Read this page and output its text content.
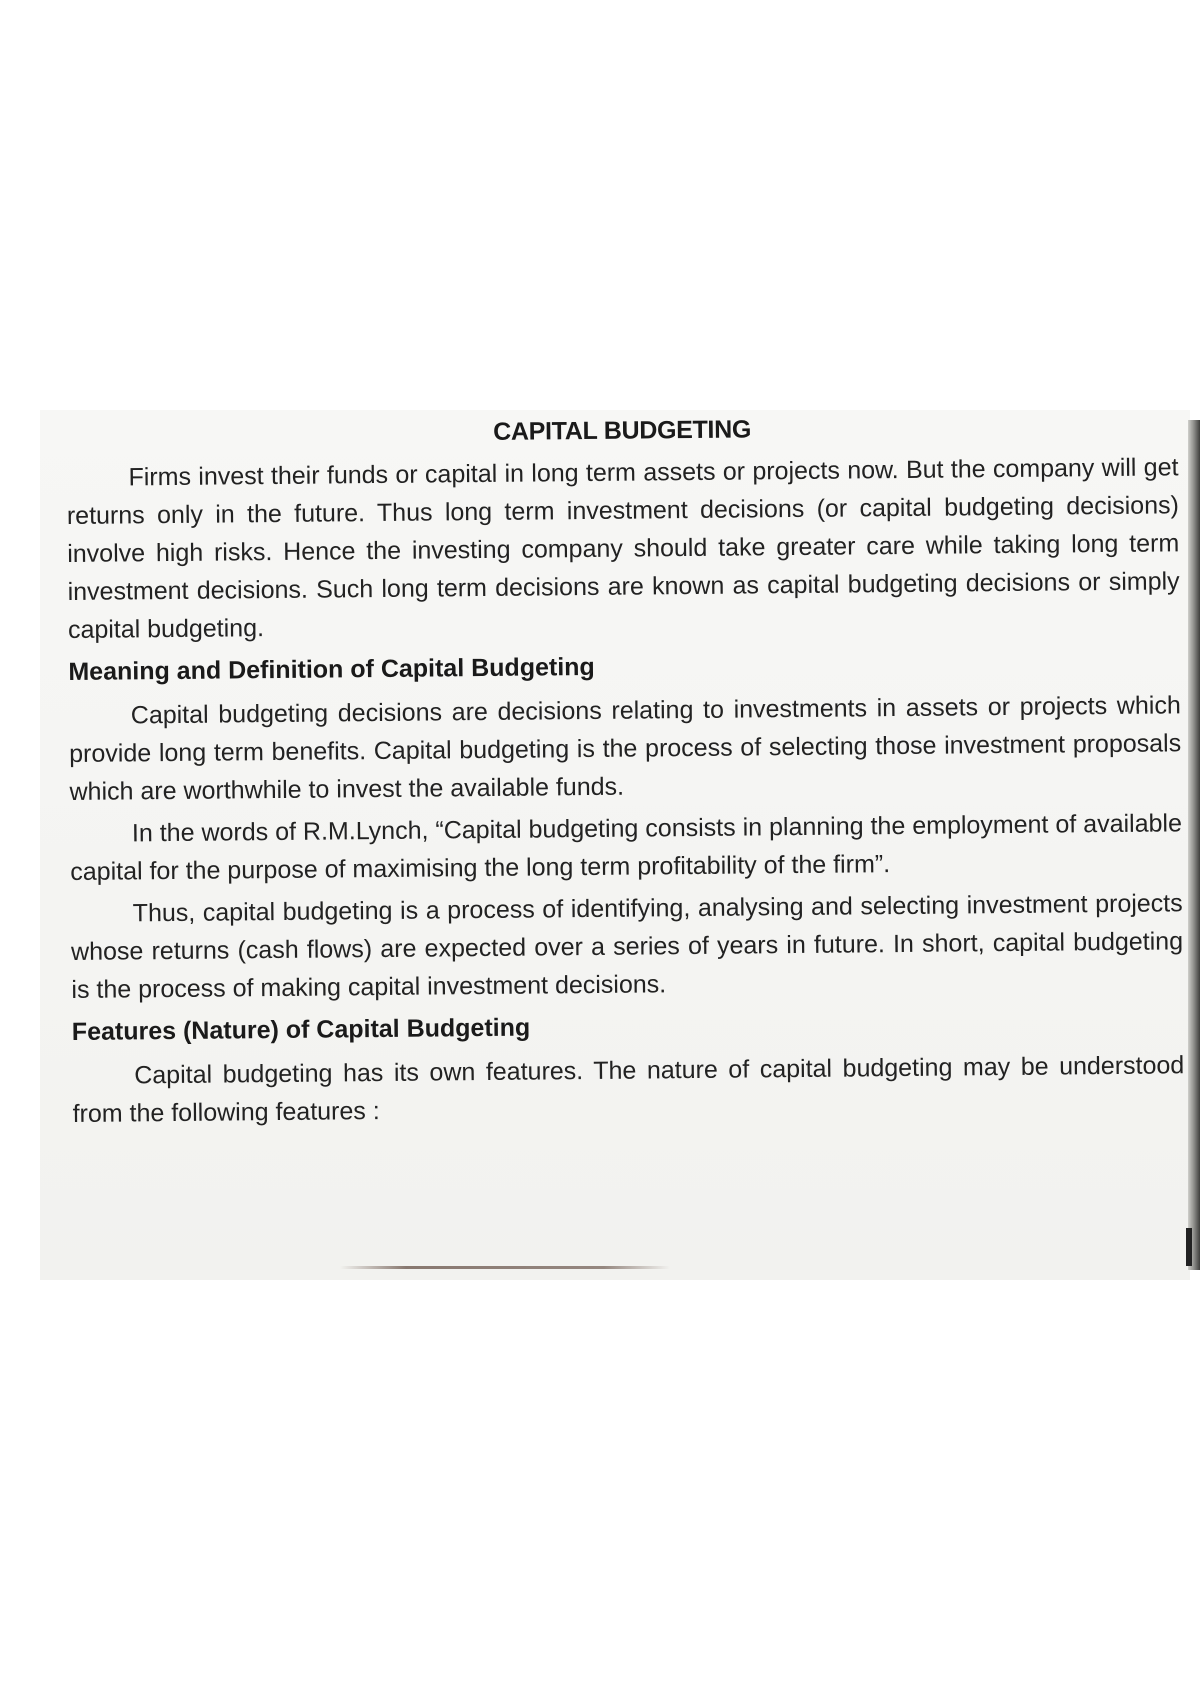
CAPITAL BUDGETING

Firms invest their funds or capital in long term assets or projects now. But the company will get returns only in the future. Thus long term investment decisions (or capital budgeting decisions) involve high risks. Hence the investing company should take greater care while taking long term investment decisions. Such long term decisions are known as capital budgeting decisions or simply capital budgeting.

Meaning and Definition of Capital Budgeting

Capital budgeting decisions are decisions relating to investments in assets or projects which provide long term benefits. Capital budgeting is the process of selecting those investment proposals which are worthwhile to invest the available funds.

In the words of R.M.Lynch, “Capital budgeting consists in planning the employment of available capital for the purpose of maximising the long term profitability of the firm”.

Thus, capital budgeting is a process of identifying, analysing and selecting investment projects whose returns (cash flows) are expected over a series of years in future. In short, capital budgeting is the process of making capital investment decisions.

Features (Nature) of Capital Budgeting

Capital budgeting has its own features. The nature of capital budgeting may be understood from the following features :
